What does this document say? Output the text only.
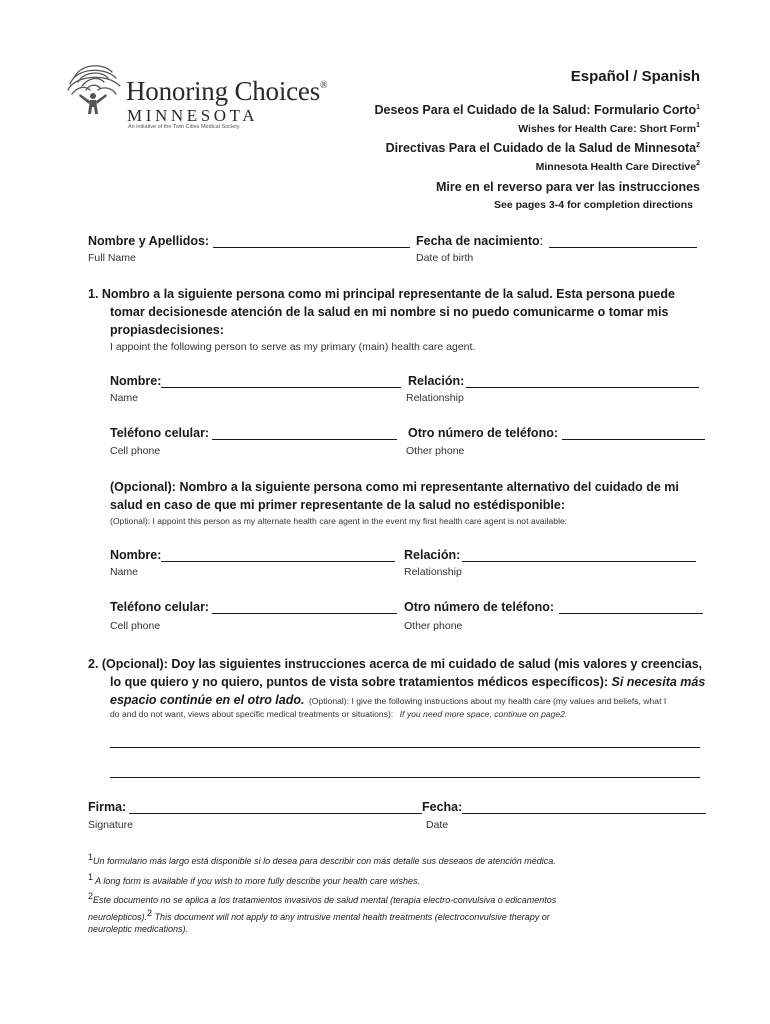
Honoring Choices®
MINNESOTA
An initiative of the Twin Cities Medical Society.
Español / Spanish
Deseos Para el Cuidado de la Salud: Formulario Corto$^1$
Wishes for Health Care: Short Form$^1$
Directivas Para el Cuidado de la Salud de Minnesota$^2$
Minnesota Health Care Directive$^2$
Mire en el reverso para ver las instrucciones
See pages 3-4 for completion directions
Nombre y Apellidos:
Full Name
Fecha de nacimiento:
Date of birth
1. Nombro a la siguiente persona como mi principal representante de la salud. Esta persona puede
tomar decisionesde atención de la salud en mi nombre si no puedo comunicarme o tomar mis
propiasdecisiones:
I appoint the following person to serve as my primary (main) health care agent.
Nombre:
Name
Relación:
Relationship
Teléfono celular:
Cell phone
Otro número de teléfono:
Other phone
(Opcional): Nombro a la siguiente persona como mi representante alternativo del cuidado de mi
salud en caso de que mi primer representante de la salud no estédisponible:
(Optional): I appoint this person as my alternate health care agent in the event my first health care agent is not available:
Nombre:
Name
Relación:
Relationship
Teléfono celular:
Cell phone
Otro número de teléfono:
Other phone
2. (Opcional): Doy las siguientes instrucciones acerca de mi cuidado de salud (mis valores y creencias,
lo que quiero y no quiero, puntos de vista sobre tratamientos médicos específicos): Si necesita más
espacio continúe en el otro lado. (Optional): I give the following instructions about my health care (my values and beliefs, what I
do and do not want, views about specific medical treatments or situations): If you need more space, continue on page2.
Firma:
Signature
Fecha:
Date
$^1$Un formulario más largo está disponible si lo desea para describir con más detalle sus deseaos de atención médica.
$^1$ A long form is available if you wish to more fully describe your health care wishes.
$^2$Este documento no se aplica a los tratamientos invasivos de salud mental (terapia electro-convulsiva o edicamentos
neurolépticos).$^2$ This document will not apply to any intrusive mental health treatments (electroconvulsive therapy or
neuroleptic medications).
